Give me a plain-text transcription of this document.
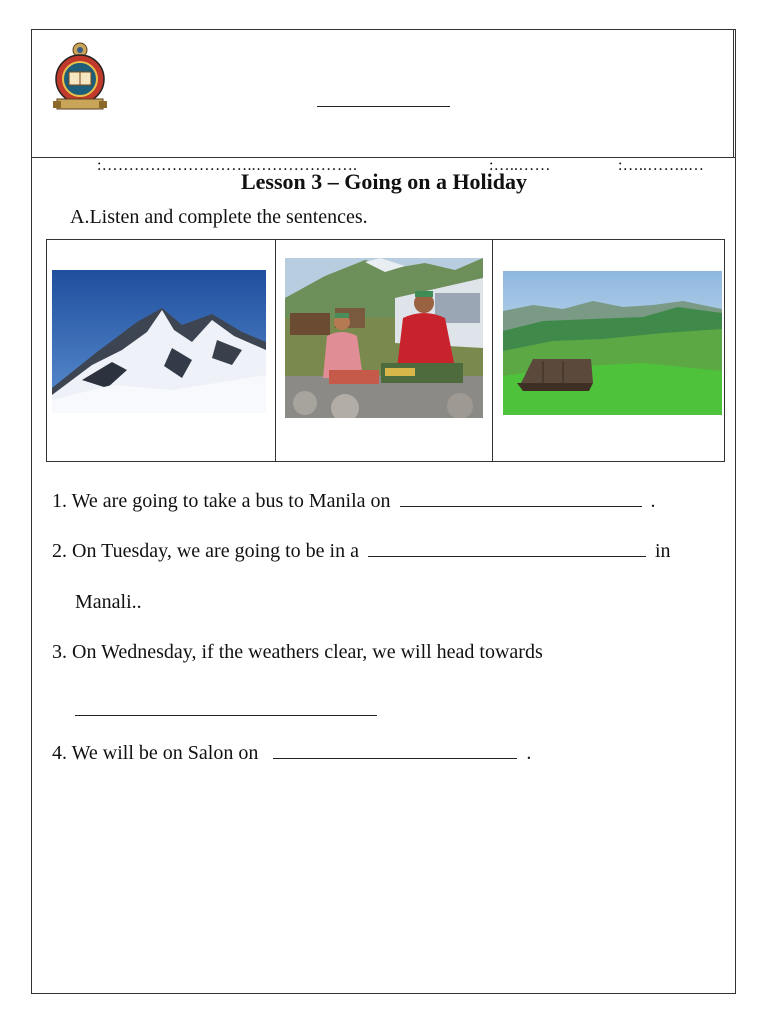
:………………………..……………….	:…..……	:…..……..…
Lesson 3 – Going on a Holiday
A.Listen and complete the sentences.
1. We are going to take a bus to Manila on	.
2. On Tuesday, we are going to be in a	in
Manali..
3. On Wednesday, if the weathers clear, we will head towards
4. We will be on Salon on	.
